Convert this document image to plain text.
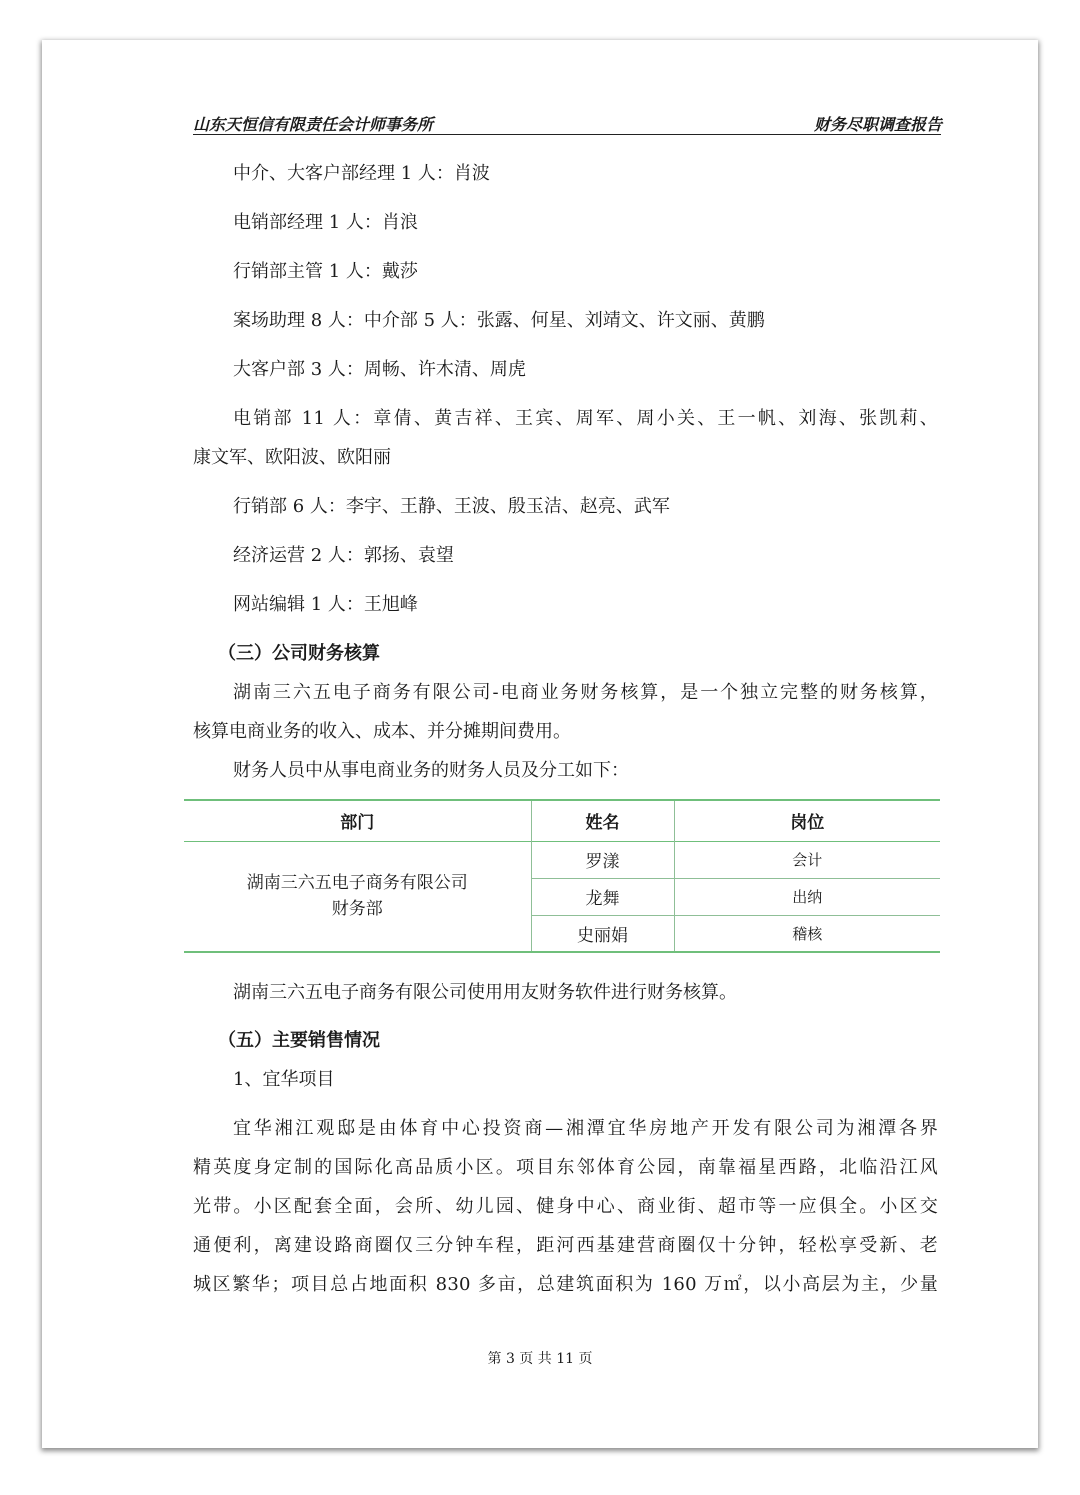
山东天恒信有限责任会计师事务所	财务尽职调查报告
中介、大客户部经理 1 人：肖波
电销部经理 1 人：肖浪
行销部主管 1 人：戴莎
案场助理 8 人：中介部 5 人：张露、何星、刘靖文、许文丽、黄鹏
大客户部 3 人：周畅、许木清、周虎
电销部 11 人：章倩、黄吉祥、王宾、周军、周小关、王一帆、刘海、张凯莉、
康文军、欧阳波、欧阳丽
行销部 6 人：李宇、王静、王波、殷玉洁、赵亮、武军
经济运营 2 人：郭扬、袁望
网站编辑 1 人：王旭峰
（三）公司财务核算
湖南三六五电子商务有限公司-电商业务财务核算，是一个独立完整的财务核算，
核算电商业务的收入、成本、并分摊期间费用。
财务人员中从事电商业务的财务人员及分工如下：
部门	姓名	岗位

湖南三六五电子商务有限公司
财务部	罗漾	会计
	龙舞	出纳
	史丽娟	稽核
湖南三六五电子商务有限公司使用用友财务软件进行财务核算。
（五）主要销售情况
1、宜华项目
宜华湘江观邸是由体育中心投资商—湘潭宜华房地产开发有限公司为湘潭各界
精英度身定制的国际化高品质小区。项目东邻体育公园，南靠福星西路，北临沿江风
光带。小区配套全面，会所、幼儿园、健身中心、商业街、超市等一应俱全。小区交
通便利，离建设路商圈仅三分钟车程，距河西基建营商圈仅十分钟，轻松享受新、老
城区繁华；项目总占地面积 830 多亩，总建筑面积为 160 万㎡，以小高层为主，少量
第 3 页 共 11 页
